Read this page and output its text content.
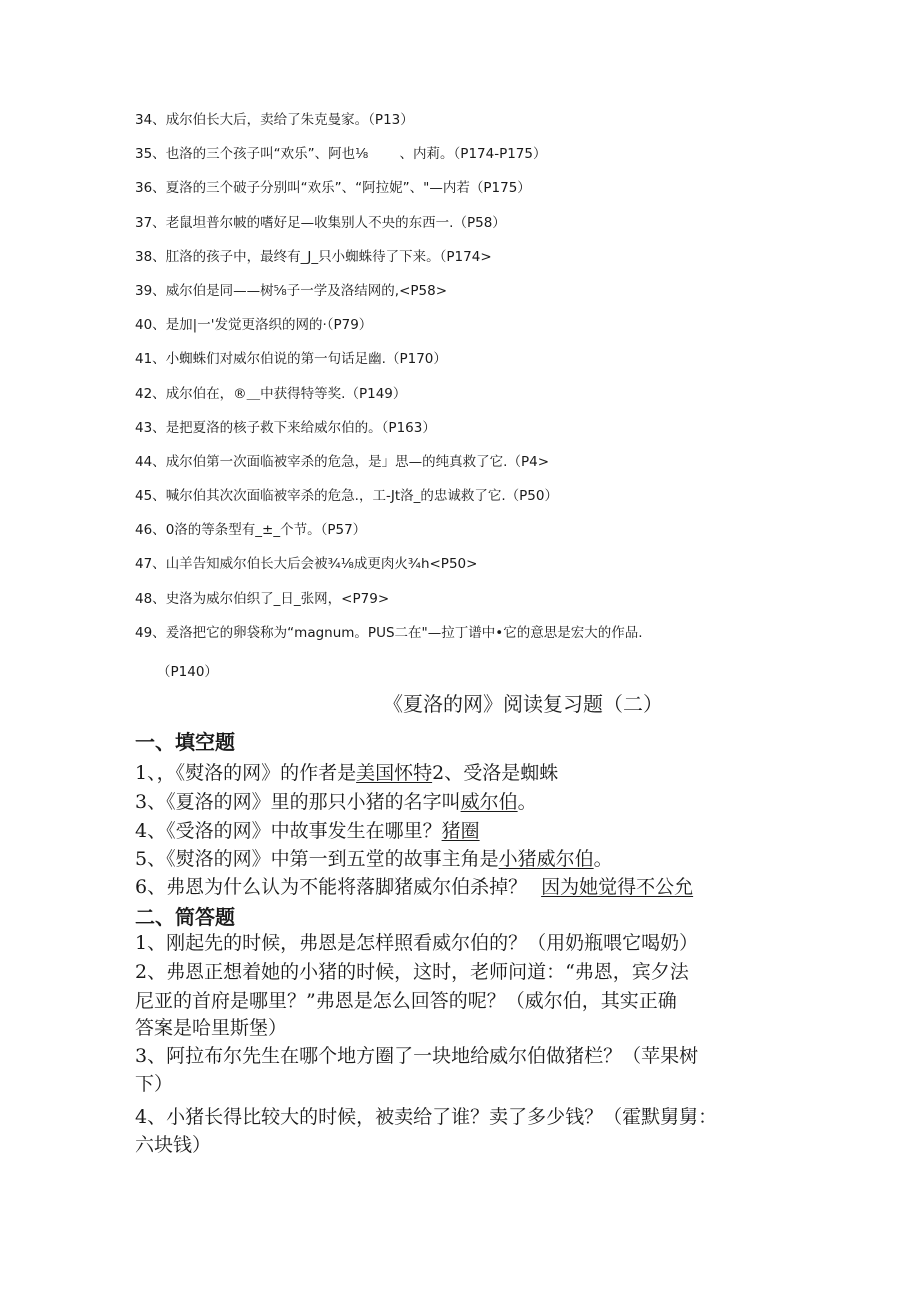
34、成尔伯长大后，卖给了朱克曼家。（P13）
35、也洛的三个孩子叫“欢乐”、阿也⅛　　 、内莉。（P174-P175）
36、夏洛的三个破子分别叫“欢乐”、“阿拉妮”、"—内若（P175）
37、老鼠坦普尔帔的嗜好足—收集别人不央的东西一.（P58）
38、肛洛的孩子中，最终有_J_只小蜘蛛待了下来。（P174>
39、威尔伯是同——树⅝子一学及洛结网的,<P58>
40、是加|一'发觉更洛织的网的·（P79）
41、小蜘蛛们对威尔伯说的第一句话足幽.（P170）
42、成尔伯在，®＿中获得特等奖.（P149）
43、是把夏洛的核子救下来给威尔伯的。（P163）
44、成尔伯第一次面临被宰杀的危急，是」思—的纯真救了它.（P4>
45、喊尔伯其次次面临被宰杀的危急.，工-Jt洛_的忠诚救了它.（P50）
46、0洛的等条型有_±_个节。（P57）
47、山羊告知威尔伯长大后会被¾⅛成更肉火¾h<P50>
48、史洛为威尔伯织了_日_张网，<P79>
49、爰洛把它的卵袋称为“magnum。PUS二在"—拉丁谱中•它的意思是宏大的作品.
（P140）
《夏洛的网》阅读复习题（二）
一、填空题
1、，《熨洛的网》的作者是美国怀特2、受洛是蜘蛛
3、《夏洛的网》里的那只小猪的名字叫威尔伯。
4、《受洛的网》中故事发生在哪里？猪圈
5、《熨洛的网》中第一到五堂的故事主角是小猪威尔伯。
6、弗恩为什么认为不能将落脚猪威尔伯杀掉？ 因为她觉得不公允
二、筒答题
1、刚起先的时候，弗恩是怎样照看威尔伯的？（用奶瓶喂它喝奶）
2、弗恩正想着她的小猪的时候，这时，老师问道：“弗恩，宾夕法
尼亚的首府是哪里？”弗恩是怎么回答的呢？（威尔伯，其实正确
答案是哈里斯堡）
3、阿拉布尔先生在哪个地方圈了一块地给威尔伯做猪栏？（苹果树
下）
4、小猪长得比较大的时候，被卖给了谁？卖了多少钱？（霍默舅舅：
六块钱）
